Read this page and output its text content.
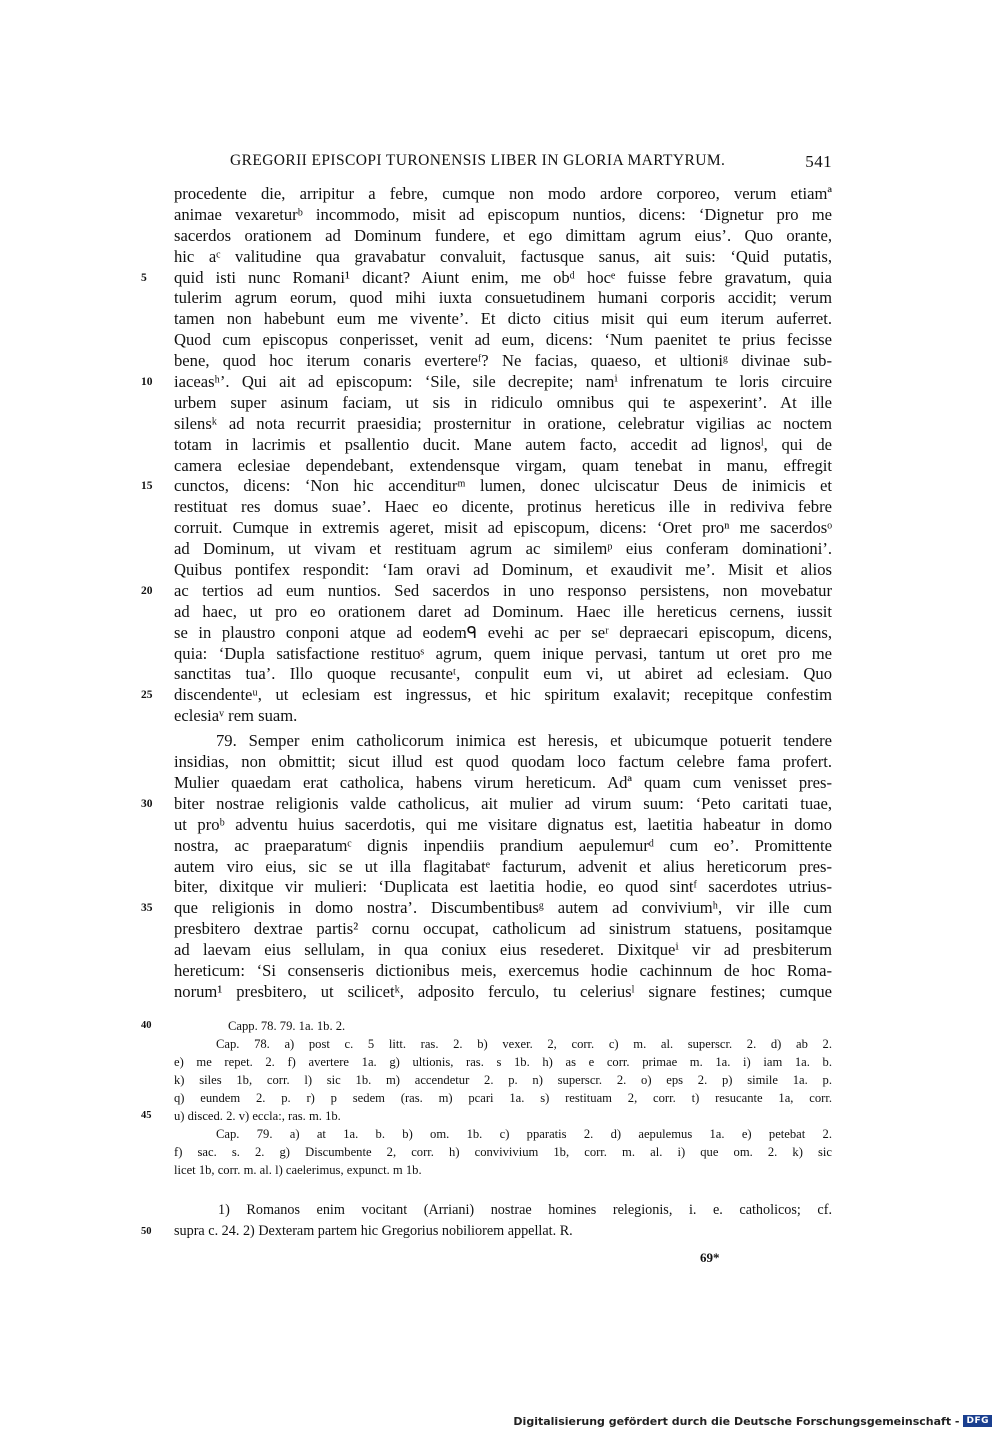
GREGORII EPISCOPI TURONENSIS LIBER IN GLORIA MARTYRUM.	541
procedente die, arripitur a febre, cumque non modo ardore corporeo, verum etiamª
animae vexareturᵇ incommodo, misit ad episcopum nuntios, dicens: ‘Dignetur pro me
sacerdos orationem ad Dominum fundere, et ego dimittam agrum eius’. Quo orante,
hic aᶜ valitudine qua gravabatur convaluit, factusque sanus, ait suis: ‘Quid putatis,
5 quid isti nunc Romani¹ dicant? Aiunt enim, me obᵈ hocᵉ fuisse febre gravatum, quia
tulerim agrum eorum, quod mihi iuxta consuetudinem humani corporis accidit; verum
tamen non habebunt eum me vivente’. Et dicto citius misit qui eum iterum auferret.
Quod cum episcopus conperisset, venit ad eum, dicens: ‘Num paenitet te prius fecisse
bene, quod hoc iterum conaris evertereᶠ? Ne facias, quaeso, et ultioniᵍ divinae sub-
10 iaceasʰ’. Qui ait ad episcopum: ‘Sile, sile decrepite; namⁱ infrenatum te loris circuire
urbem super asinum faciam, ut sis in ridiculo omnibus qui te aspexerint’. At ille
silensᵏ ad nota recurrit praesidia; prosternitur in oratione, celebratur vigilias ac noctem
totam in lacrimis et psallentio ducit. Mane autem facto, accedit ad lignosˡ, qui de
camera eclesiae dependebant, extendensque virgam, quam tenebat in manu, effregit
15 cunctos, dicens: ‘Non hic accenditurᵐ lumen, donec ulciscatur Deus de inimicis et
restituat res domus suae’. Haec eo dicente, protinus hereticus ille in rediviva febre
corruit. Cumque in extremis ageret, misit ad episcopum, dicens: ‘Oret proⁿ me sacerdosᵒ
ad Dominum, ut vivam et restituam agrum ac similemᵖ eius conferam dominationi’.
Quibus pontifex respondit: ‘Iam oravi ad Dominum, et exaudivit me’. Misit et alios
20 ac tertios ad eum nuntios. Sed sacerdos in uno responso persistens, non movebatur
ad haec, ut pro eo orationem daret ad Dominum. Haec ille hereticus cernens, iussit
se in plaustro conponi atque ad eodemᑫ evehi ac per seʳ depraecari episcopum, dicens,
quia: ‘Dupla satisfactione restituoˢ agrum, quem inique pervasi, tantum ut oret pro me
sanctitas tua’. Illo quoque recusanteᵗ, conpulit eum vi, ut abiret ad eclesiam. Quo
25 discendenteᵘ, ut eclesiam est ingressus, et hic spiritum exalavit; recepitque confestim
eclesiaᵛ rem suam.
79. Semper enim catholicorum inimica est heresis, et ubicumque potuerit tendere
insidias, non obmittit; sicut illud est quod quodam loco factum celebre fama profert.
Mulier quaedam erat catholica, habens virum hereticum. Adª quam cum venisset pres-
30 biter nostrae religionis valde catholicus, ait mulier ad virum suum: ‘Peto caritati tuae,
ut proᵇ adventu huius sacerdotis, qui me visitare dignatus est, laetitia habeatur in domo
nostra, ac praeparatumᶜ dignis inpendiis prandium aepulemurᵈ cum eo’. Promittente
autem viro eius, sic se ut illa flagitabatᵉ facturum, advenit et alius hereticorum pres-
biter, dixitque vir mulieri: ‘Duplicata est laetitia hodie, eo quod sintᶠ sacerdotes utrius-
35 que religionis in domo nostra’. Discumbentibusᵍ autem ad conviviumʰ, vir ille cum
presbitero dextrae partis² cornu occupat, catholicum ad sinistrum statuens, positamque
ad laevam eius sellulam, in qua coniux eius resederet. Dixitqueⁱ vir ad presbiterum
hereticum: ‘Si consenseris dictionibus meis, exercemus hodie cachinnum de hoc Roma-
norum¹ presbitero, ut scilicetᵏ, adposito ferculo, tu celeriusˡ signare festines; cumque
40	Capp. 78. 79. 1a. 1b. 2.
Cap. 78. a) post c. 5 litt. ras. 2. b) vexer. 2, corr. c) m. al. superscr. 2. d) ab 2.
e) me repet. 2. f) avertere 1a. g) ultionis, ras. s 1b. h) as e corr. primae m. 1a. i) iam 1a. b.
k) siles 1b, corr. l) sic 1b. m) accendetur 2. p. n) superscr. 2. o) eps 2. p) simile 1a. p.
q) eundem 2. p. r) p sedem (ras. m) pcari 1a. s) restituam 2, corr. t) resucante 1a, corr.
45 u) disced. 2. v) eccla:, ras. m. 1b.
Cap. 79. a) at 1a. b. b) om. 1b. c) pparatis 2. d) aepulemus 1a. e) petebat 2.
f) sac. s. 2. g) Discumbente 2, corr. h) convivivium 1b, corr. m. al. i) que om. 2. k) sic
licet 1b, corr. m. al. l) caelerimus, expunct. m 1b.
1) Romanos enim vocitant (Arriani) nostrae homines relegionis, i. e. catholicos; cf.
50 supra c. 24. 2) Dexteram partem hic Gregorius nobiliorem appellat. R.
69*
Digitalisierung gefördert durch die Deutsche Forschungsgemeinschaft - DFG
